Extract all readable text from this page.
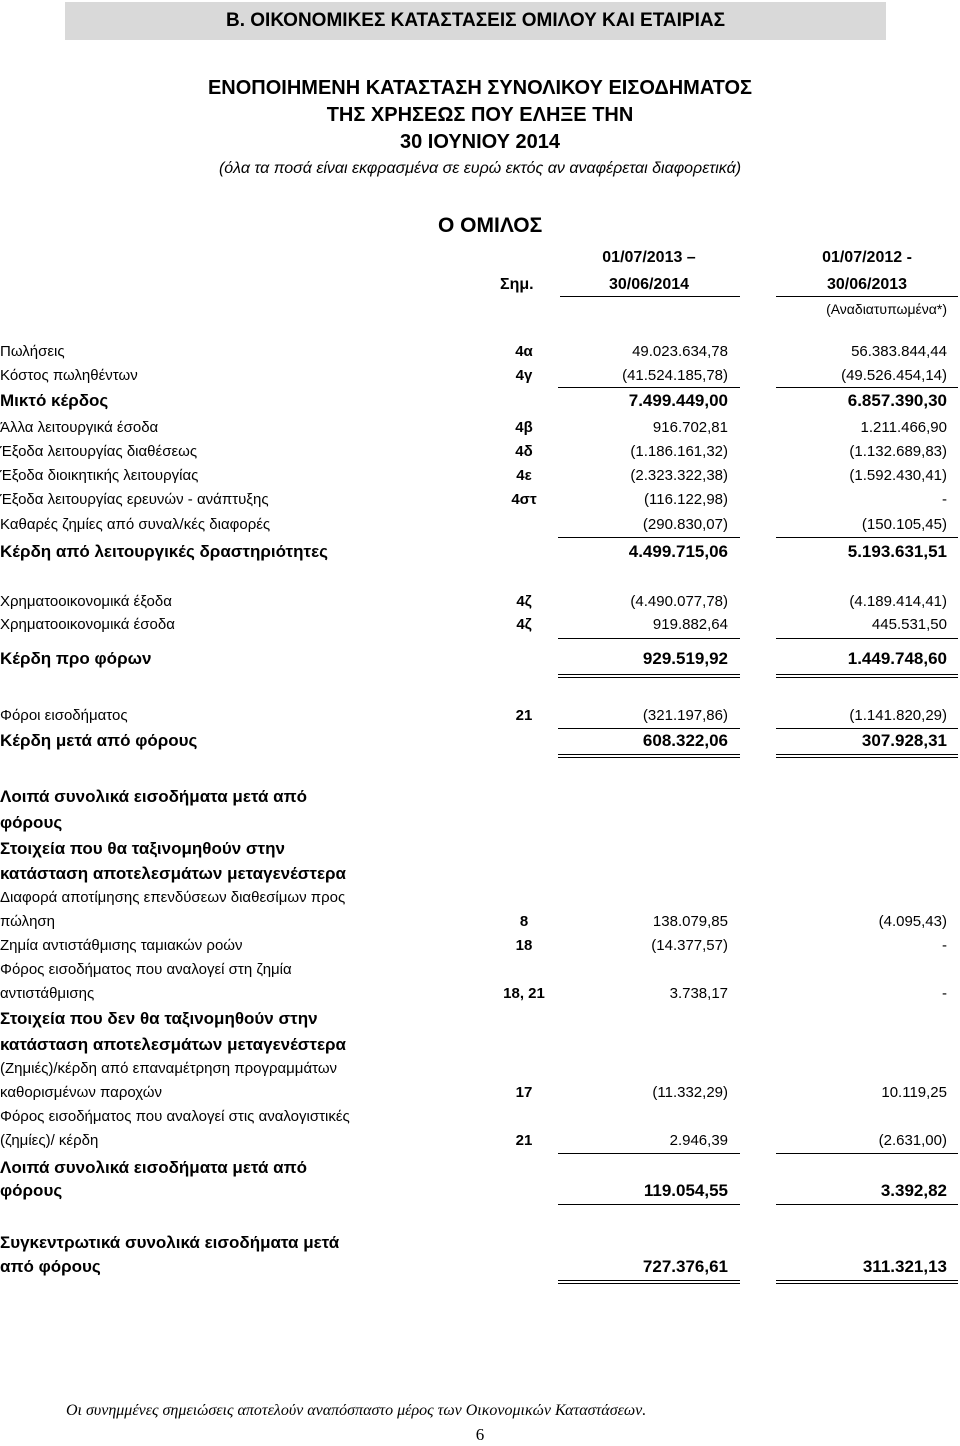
B. ΟΙΚΟΝΟΜΙΚΕΣ ΚΑΤΑΣΤΑΣΕΙΣ ΟΜΙΛΟΥ ΚΑΙ ΕΤΑΙΡΙΑΣ
ΕΝΟΠΟΙΗΜΕΝΗ ΚΑΤΑΣΤΑΣΗ ΣΥΝΟΛΙΚΟΥ ΕΙΣΟΔΗΜΑΤΟΣ
ΤΗΣ ΧΡΗΣΕΩΣ ΠΟΥ ΕΛΗΞΕ ΤΗΝ
30 ΙΟΥΝΙΟΥ 2014
(όλα τα ποσά είναι εκφρασμένα σε ευρώ εκτός αν αναφέρεται διαφορετικά)
Ο ΟΜΙΛΟΣ
01/07/2013 –	01/07/2012 -
Σημ.	30/06/2014	30/06/2013
(Αναδιατυπωμένα*)
Πωλήσεις	4α	49.023.634,78	56.383.844,44
Κόστος πωληθέντων	4γ	(41.524.185,78)	(49.526.454,14)
Μικτό κέρδος	7.499.449,00	6.857.390,30
Άλλα λειτουργικά έσοδα	4β	916.702,81	1.211.466,90
Έξοδα λειτουργίας διαθέσεως	4δ	(1.186.161,32)	(1.132.689,83)
Έξοδα διοικητικής λειτουργίας	4ε	(2.323.322,38)	(1.592.430,41)
Έξοδα λειτουργίας ερευνών - ανάπτυξης	4στ	(116.122,98)	-
Καθαρές ζημίες από συναλ/κές διαφορές	(290.830,07)	(150.105,45)
Κέρδη από λειτουργικές δραστηριότητες	4.499.715,06	5.193.631,51
Χρηματοοικονομικά έξοδα	4ζ	(4.490.077,78)	(4.189.414,41)
Χρηματοοικονομικά έσοδα	4ζ	919.882,64	445.531,50
Κέρδη προ φόρων	929.519,92	1.449.748,60
Φόροι εισοδήματος	21	(321.197,86)	(1.141.820,29)
Κέρδη μετά από φόρους	608.322,06	307.928,31
Λοιπά συνολικά εισοδήματα μετά από
φόρους
Στοιχεία που θα ταξινομηθούν στην
κατάσταση αποτελεσμάτων μεταγενέστερα
Διαφορά αποτίμησης επενδύσεων διαθεσίμων προς
πώληση	8	138.079,85	(4.095,43)
Ζημία αντιστάθμισης ταμιακών ροών	18	(14.377,57)	-
Φόρος εισοδήματος που αναλογεί στη ζημία
αντιστάθμισης	18, 21	3.738,17	-
Στοιχεία που δεν θα ταξινομηθούν στην
κατάσταση αποτελεσμάτων μεταγενέστερα
(Ζημιές)/κέρδη από επαναμέτρηση προγραμμάτων
καθορισμένων παροχών	17	(11.332,29)	10.119,25
Φόρος εισοδήματος που αναλογεί στις αναλογιστικές
(ζημίες)/ κέρδη	21	2.946,39	(2.631,00)
Λοιπά συνολικά εισοδήματα μετά από
φόρους	119.054,55	3.392,82
Συγκεντρωτικά συνολικά εισοδήματα μετά
από φόρους	727.376,61	311.321,13
Οι συνημμένες σημειώσεις αποτελούν αναπόσπαστο μέρος των Οικονομικών Καταστάσεων.
6
